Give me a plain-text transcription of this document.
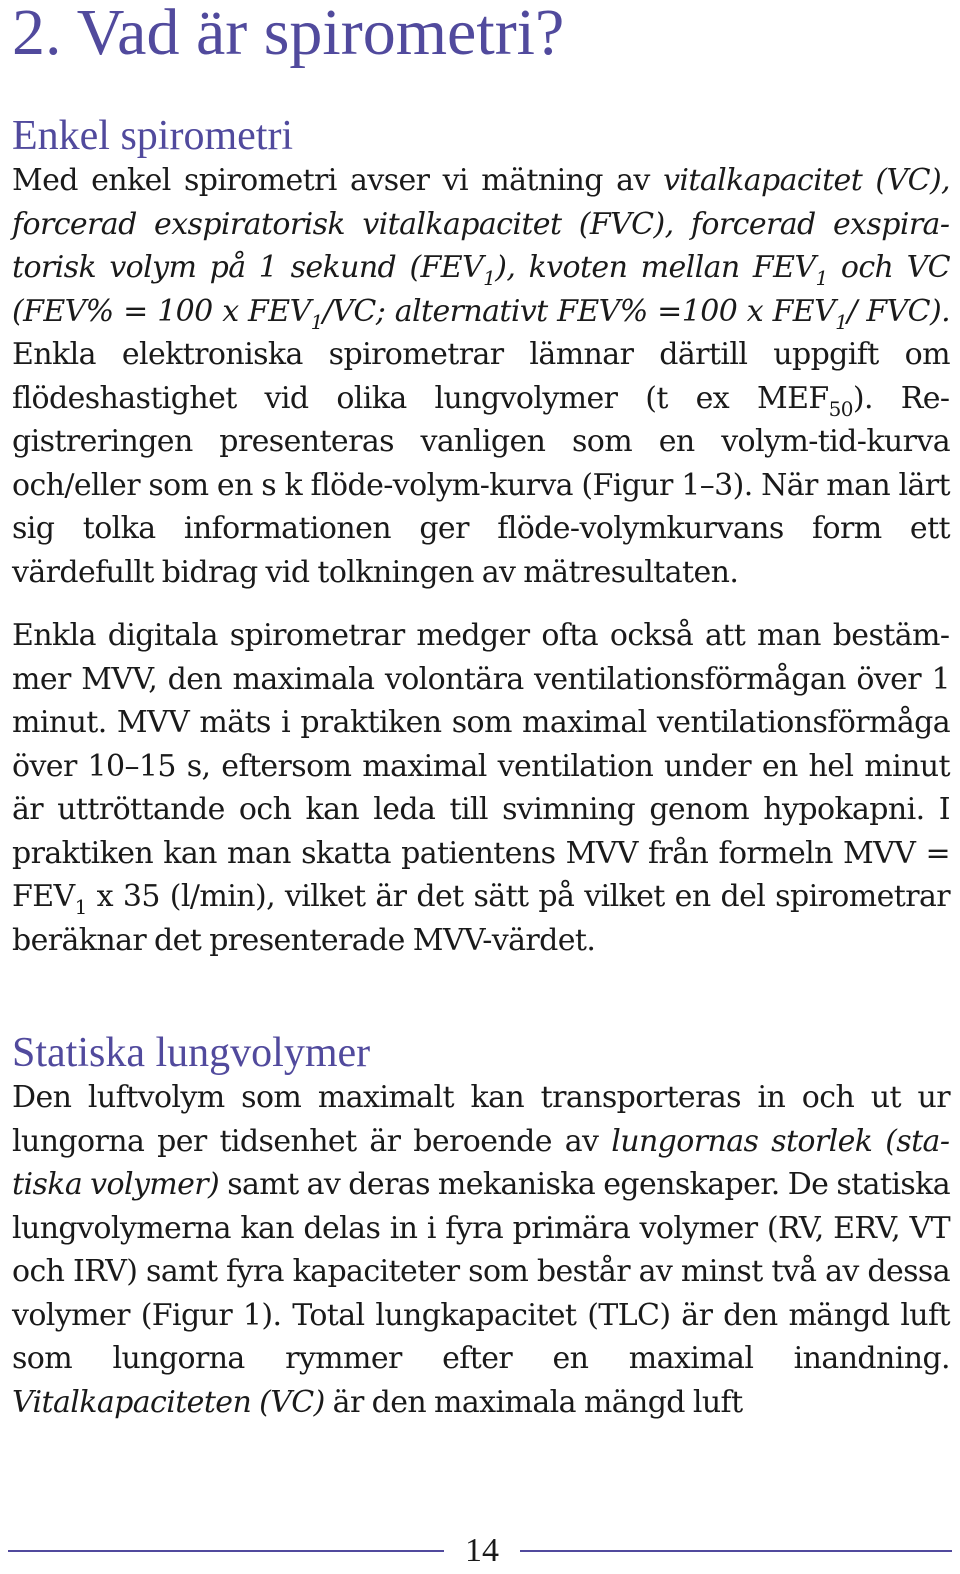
2. Vad är spirometri?
Enkel spirometri

Med enkel spirometri avser vi mätning av vitalkapacitet (VC), forcerad exspiratorisk vitalkapacitet (FVC), forcerad exspiratorisk volym på 1 sekund $(FEV_1)$, kvoten mellan $FEV_1$ och VC (FEV% = 100 x $FEV_1/VC$; alternativt FEV% =100 x $FEV_1/$ FVC). Enkla elektroniska spirometrar lämnar därtill uppgift om flödeshastighet vid olika lungvolymer (t ex $MEF_{50}$). Registreringen presenteras vanligen som en volym-tid-kurva och/eller som en s k flöde-volym-kurva (Figur 1–3). När man lärt sig tolka informationen ger flöde-volymkurvans form ett värdefullt bidrag vid tolkningen av mätresultaten.

Enkla digitala spirometrar medger ofta också att man bestämmer MVV, den maximala volontära ventilationsförmågan över 1 minut. MVV mäts i praktiken som maximal ventilationsförmåga över 10–15 s, eftersom maximal ventilation under en hel minut är uttröttande och kan leda till svimning genom hypokapni. I praktiken kan man skatta patientens MVV från formeln MVV = $FEV_1$ x 35 (l/min), vilket är det sätt på vilket en del spirometrar beräknar det presenterade MVV-värdet.

Statiska lungvolymer

Den luftvolym som maximalt kan transporteras in och ut ur lungorna per tidsenhet är beroende av lungornas storlek (statiska volymer) samt av deras mekaniska egenskaper. De statiska lungvolymerna kan delas in i fyra primära volymer (RV, ERV, VT och IRV) samt fyra kapaciteter som består av minst två av dessa volymer (Figur 1). Total lungkapacitet (TLC) är den mängd luft som lungorna rymmer efter en maximal inandning. Vitalkapaciteten (VC) är den maximala mängd luft

14
